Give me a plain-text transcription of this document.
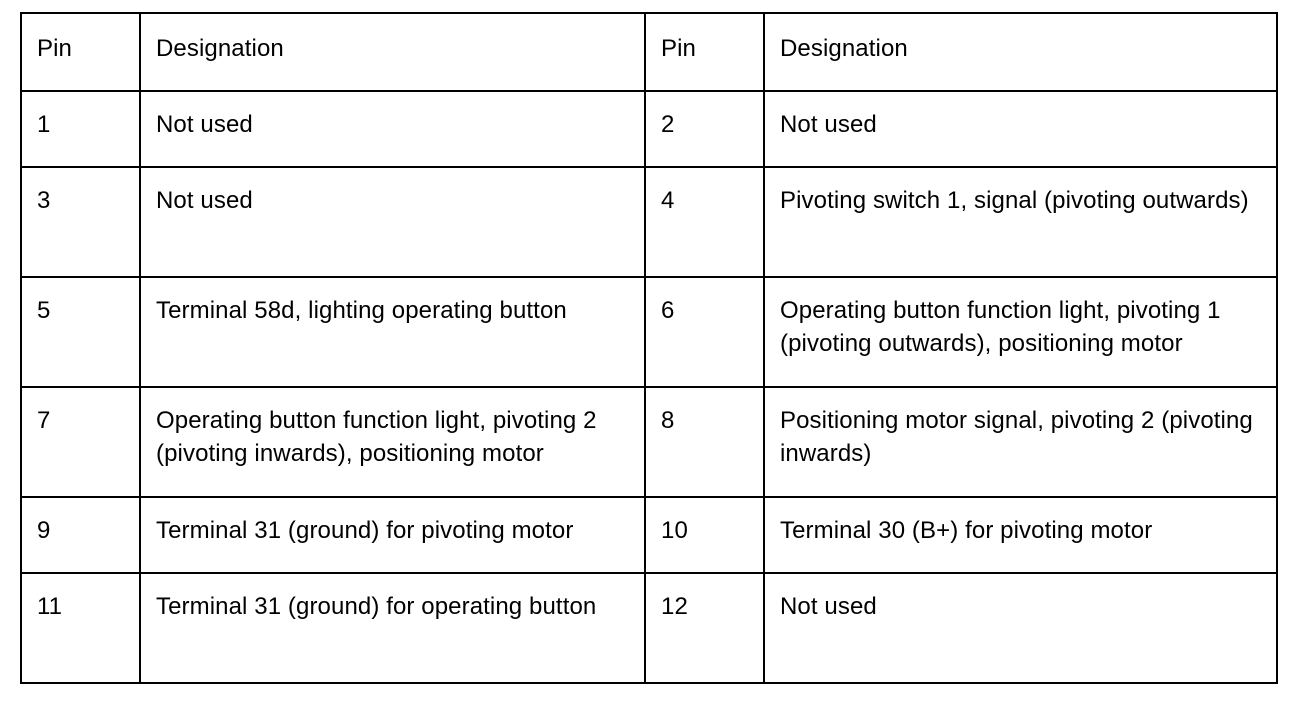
Pin	Designation	Pin	Designation
1	Not used	2	Not used
3	Not used	4	Pivoting switch 1, signal (pivoting outwards)
5	Terminal 58d, lighting operating button	6	Operating button function light, pivoting 1 (pivoting outwards), positioning motor
7	Operating button function light, pivoting 2 (pivoting inwards), positioning motor	8	Positioning motor signal, pivoting 2 (pivoting inwards)
9	Terminal 31 (ground) for pivoting motor	10	Terminal 30 (B+) for pivoting motor
11	Terminal 31 (ground) for operating button	12	Not used
